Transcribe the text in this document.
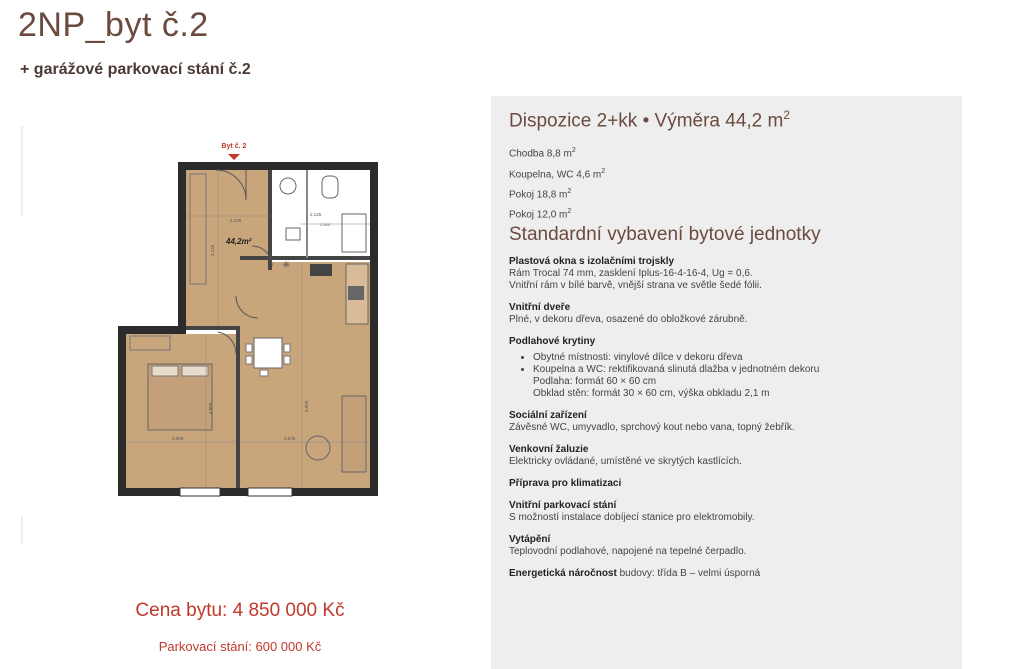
2NP_byt č.2

+ garážové parkovací stání č.2

Byt č. 2
2.500
✳
2.125
2.125
4.125
4.000	4.000
3.000	3.575
44,2m²
Cena bytu: 4 850 000 Kč
Parkovací stání: 600 000 Kč
Dispozice 2+kk • Výměra 44,2 $m^2$
Chodba 8,8 $m^2$
Koupelna, WC 4,6 $m^2$
Pokoj 18,8 $m^2$
Pokoj 12,0 $m^2$
Standardní vybavení bytové jednotky
Plastová okna s izolačními trojskly
Rám Trocal 74 mm, zasklení Iplus-16-4-16-4, Ug = 0,6.
Vnitřní rám v bílé barvě, vnější strana ve světle šedé fólii.
Vnitřní dveře
Plné, v dekoru dřeva, osazené do obložkové zárubně.
Podlahové krytiny
• Obytné místnosti: vinylové dílce v dekoru dřeva
• Koupelna a WC: rektifikovaná slinutá dlažba v jednotném dekoru
Podlaha: formát 60 × 60 cm
Obklad stěn: formát 30 × 60 cm, výška obkladu 2,1 m
Sociální zařízení
Závěsné WC, umyvadlo, sprchový kout nebo vana, topný žebřík.
Venkovní žaluzie
Elektricky ovládané, umístěné ve skrytých kastlících.
Příprava pro klimatizaci
Vnitřní parkovací stání
S možností instalace dobíjecí stanice pro elektromobily.
Vytápění
Teplovodní podlahové, napojené na tepelné čerpadlo.
Energetická náročnost budovy: třída B – velmi úsporná
